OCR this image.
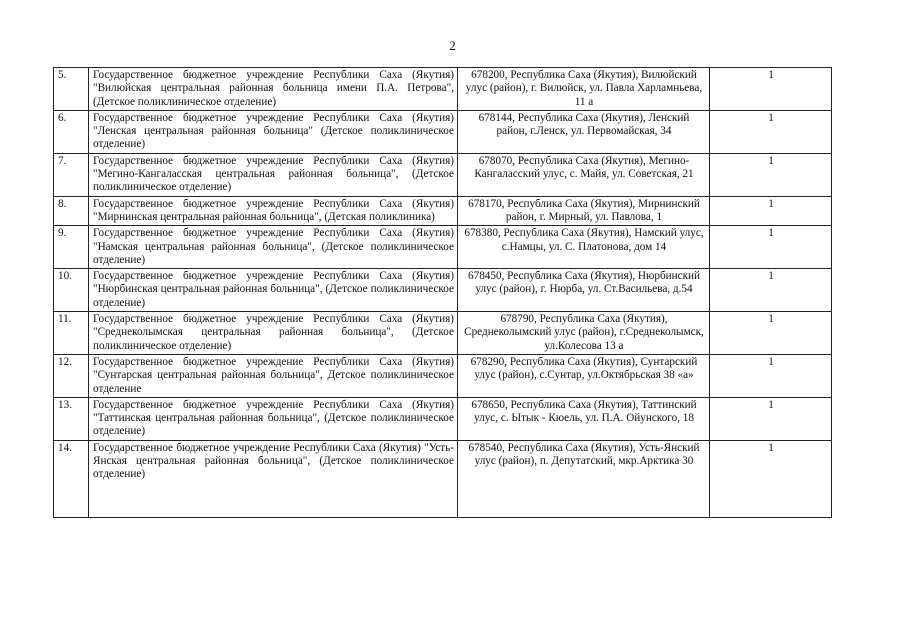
2
5.	Государственное бюджетное учреждение Республики Саха (Якутия) "Вилюйская центральная районная больница имени П.А. Петрова", (Детское поликлиническое отделение)	678200, Республика Саха (Якутия), Вилюйский улус (район), г. Вилюйск, ул. Павла Харламньева, 11 а	1
6.	Государственное бюджетное учреждение Республики Саха (Якутия) "Ленская центральная районная больница" (Детское поликлиническое отделение)	678144, Республика Саха (Якутия), Ленский район, г.Ленск, ул. Первомайская, 34	1
7.	Государственное бюджетное учреждение Республики Саха (Якутия) "Мегино-Кангаласская центральная районная больница", (Детское поликлиническое отделение)	678070, Республика Саха (Якутия), Мегино-Кангаласский улус, с. Майя, ул. Советская, 21	1
8.	Государственное бюджетное учреждение Республики Саха (Якутия) "Мирнинская центральная районная больница", (Детская поликлиника)	678170, Республика Саха (Якутия), Мирнинский район, г. Мирный, ул. Павлова, 1	1
9.	Государственное бюджетное учреждение Республики Саха (Якутия) "Намская центральная районная больница", (Детское поликлиническое отделение)	678380, Республика Саха (Якутия), Намский улус, с.Намцы, ул. С. Платонова, дом 14	1
10.	Государственное бюджетное учреждение Республики Саха (Якутия) "Нюрбинская центральная районная больница", (Детское поликлиническое отделение)	678450, Республика Саха (Якутия), Нюрбинский улус (район), г. Нюрба, ул. Ст.Васильева, д.54	1
11.	Государственное бюджетное учреждение Республики Саха (Якутия) "Среднеколымская центральная районная больница", (Детское поликлиническое отделение)	678790, Республика Саха (Якутия), Среднеколымский улус (район), г.Среднеколымск, ул.Колесова 13 а	1
12.	Государственное бюджетное учреждение Республики Саха (Якутия) "Сунтарская центральная районная больница", Детское поликлиническое отделение	678290, Республика Саха (Якутия), Сунтарский улус (район), с.Сунтар, ул.Октябрьская 38 «а»	1
13.	Государственное бюджетное учреждение Республики Саха (Якутия) "Таттинская центральная районная больница", (Детское поликлиническое отделение)	678650, Республика Саха (Якутия), Таттинский улус, с. Ытык - Кюель, ул. П.А. Ойунского, 18	1
14.	Государственное бюджетное учреждение Республики Саха (Якутия) "Усть-Янская центральная районная больница", (Детское поликлиническое отделение)	678540, Республика Саха (Якутия), Усть-Янский улус (район), п. Депутатский, мкр.Арктика 30	1
